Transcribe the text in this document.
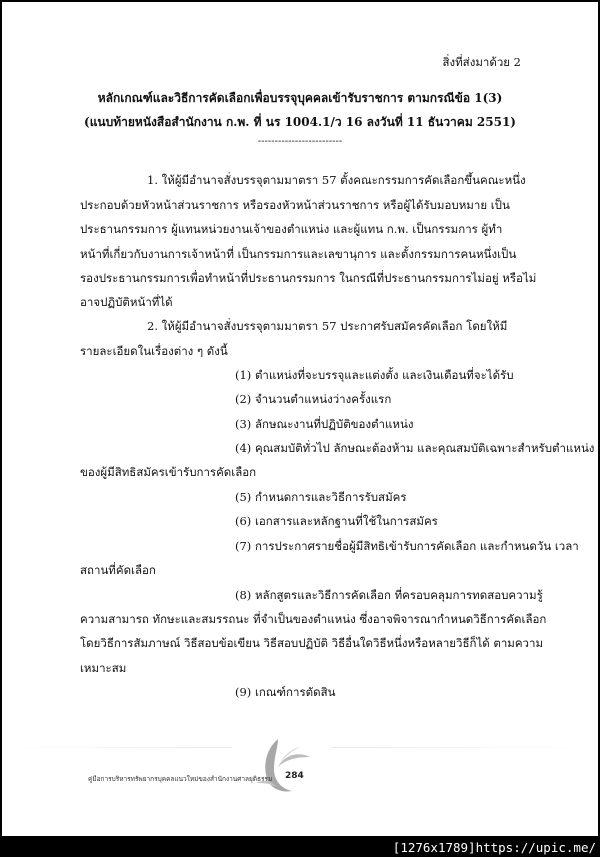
สิ่งที่ส่งมาด้วย 2
หลักเกณฑ์และวิธีการคัดเลือกเพื่อบรรจุบุคคลเข้ารับราชการ ตามกรณีข้อ 1(3)
(แนบท้ายหนังสือสำนักงาน ก.พ. ที่ นร 1004.1/ว 16 ลงวันที่ 11 ธันวาคม 2551)
-------------------------
1. ให้ผู้มีอำนาจสั่งบรรจุตามมาตรา 57 ตั้งคณะกรรมการคัดเลือกขึ้นคณะหนึ่ง
ประกอบด้วยหัวหน้าส่วนราชการ หรือรองหัวหน้าส่วนราชการ หรือผู้ได้รับมอบหมาย เป็น
ประธานกรรมการ ผู้แทนหน่วยงานเจ้าของตำแหน่ง และผู้แทน ก.พ. เป็นกรรมการ ผู้ทำ
หน้าที่เกี่ยวกับงานการเจ้าหน้าที่ เป็นกรรมการและเลขานุการ และตั้งกรรมการคนหนึ่งเป็น
รองประธานกรรมการเพื่อทำหน้าที่ประธานกรรมการ ในกรณีที่ประธานกรรมการไม่อยู่ หรือไม่
อาจปฏิบัติหน้าที่ได้
2. ให้ผู้มีอำนาจสั่งบรรจุตามมาตรา 57 ประกาศรับสมัครคัดเลือก โดยให้มี
รายละเอียดในเรื่องต่าง ๆ ดังนี้
(1) ตำแหน่งที่จะบรรจุและแต่งตั้ง และเงินเดือนที่จะได้รับ
(2) จำนวนตำแหน่งว่างครั้งแรก
(3) ลักษณะงานที่ปฏิบัติของตำแหน่ง
(4) คุณสมบัติทั่วไป ลักษณะต้องห้าม และคุณสมบัติเฉพาะสำหรับตำแหน่ง
ของผู้มีสิทธิสมัครเข้ารับการคัดเลือก
(5) กำหนดการและวิธีการรับสมัคร
(6) เอกสารและหลักฐานที่ใช้ในการสมัคร
(7) การประกาศรายชื่อผู้มีสิทธิเข้ารับการคัดเลือก และกำหนดวัน เวลา
สถานที่คัดเลือก
(8) หลักสูตรและวิธีการคัดเลือก ที่ครอบคลุมการทดสอบความรู้
ความสามารถ ทักษะและสมรรถนะ ที่จำเป็นของตำแหน่ง ซึ่งอาจพิจารณากำหนดวิธีการคัดเลือก
โดยวิธีการสัมภาษณ์ วิธีสอบข้อเขียน วิธีสอบปฏิบัติ วิธีอื่นใดวิธีหนึ่งหรือหลายวิธีก็ได้ ตามความ
เหมาะสม
(9) เกณฑ์การตัดสิน
284
คู่มือการบริหารทรัพยากรบุคคลแนวใหม่ของสำนักงานศาลยุติธรรม
[1276x1789]https://upic.me/
